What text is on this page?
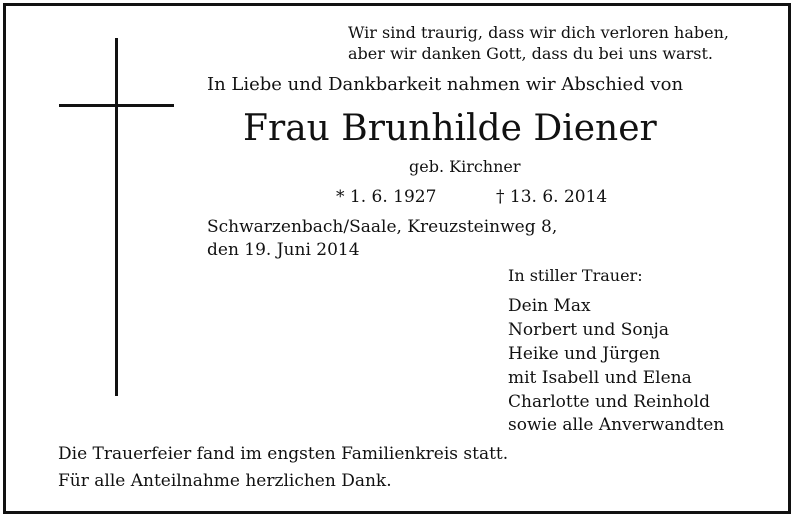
Wir sind traurig, dass wir dich verloren haben,
aber wir danken Gott, dass du bei uns warst.
In Liebe und Dankbarkeit nahmen wir Abschied von
Frau Brunhilde Diener
geb. Kirchner
* 1. 6. 1927	† 13. 6. 2014
Schwarzenbach/Saale, Kreuzsteinweg 8,
den 19. Juni 2014
In stiller Trauer:
Dein Max
Norbert und Sonja
Heike und Jürgen
mit Isabell und Elena
Charlotte und Reinhold
sowie alle Anverwandten
Die Trauerfeier fand im engsten Familienkreis statt.
Für alle Anteilnahme herzlichen Dank.
